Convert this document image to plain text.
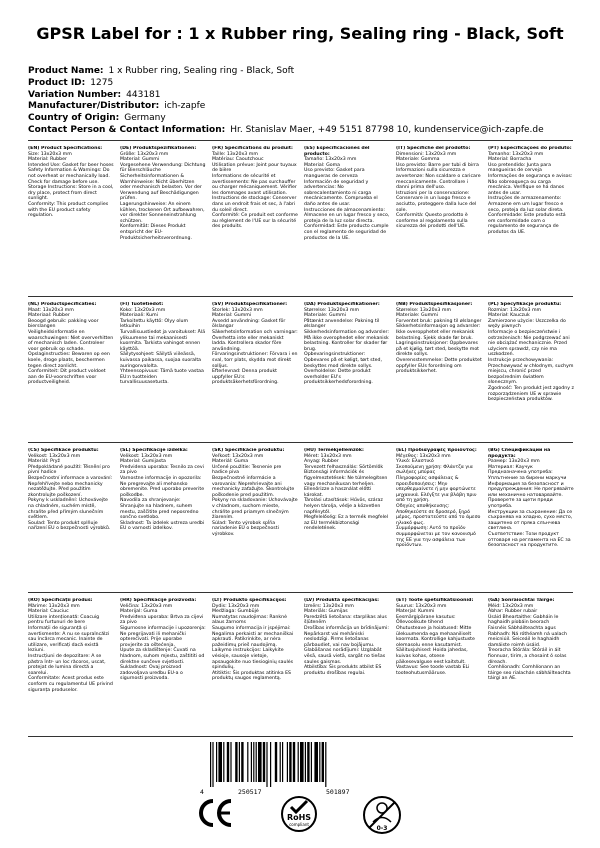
GPSR Label for : 1 x Rubber ring, Sealing ring - Black, Soft
Product Name: 1 x Rubber ring, Sealing ring - Black, Soft
Product ID: 1275
Variation Number: 443181
Manufacturer/Distributor: ich-zapfe
Country of Origin: Germany
Contact Person & Contact Information: Hr. Stanislav Maer, +49 5151 87798 10, kundenservice@ich-zapfe.de

(EN) Product Specifications:

Size: 13x20x3 mm
Material: Rubber
Intended Use: Gasket for beer hoses
Safety Information & Warnings: Do not overheat or mechanically load. Check for damage before use.
Storage Instructions: Store in a cool, dry place, protect from direct sunlight.
Conformity: This product complies with the EU product safety regulation.

(DE) Produktspezifikationen:

Größe: 13x20x3 mm
Material: Gummi
Vorgesehene Verwendung: Dichtung für Bierschläuche
Sicherheitsinformationen & Warnhinweise: Nicht überhitzen oder mechanisch belasten. Vor der Verwendung auf Beschädigungen prüfen.
Lagerungshinweise: An einem kühlen, trockenen Ort aufbewahren, vor direkter Sonneneinstrahlung schützen.
Konformität: Dieses Produkt entspricht der EU-Produktsicherheitsverordnung.

(FR) Spécifications du produit:

Taille: 13x20x3 mm
Matériau: Caoutchouc
Utilisation prévue: Joint pour tuyaux de bière
Informations de sécurité et avertissements: Ne pas surchauffer ou charger mécaniquement. Vérifier les dommages avant utilisation.
Instructions de stockage: Conserver dans un endroit frais et sec, à l'abri du soleil direct.
Conformité: Ce produit est conforme au règlement de l'UE sur la sécurité des produits.

(ES) Especificaciones del producto:

Tamaño: 13x20x3 mm
Material: Goma
Uso previsto: Gasket para mangueras de cerveza
Información de seguridad y advertencias: No sobrecalentamiento ni carga mecánicamente. Comprueba el daño antes de usar.
Instrucciones de almacenamiento: Almacene en un lugar fresco y seco, proteja de la luz solar directa.
Conformidad: Este producto cumple con el reglamento de seguridad de productos de la UE.

(IT) Specifiche del prodotto:

Dimensioni: 13x20x3 mm
Materiale: Gomma
Uso previsto: Barre per tubi di birra
Informazioni sulla sicurezza e avvertenze: Non scaldare o caricare meccanicamente. Controllare i danni prima dell'uso.
Istruzioni per la conservazione: Conservare in un luogo fresco e asciutto, proteggere dalla luce del sole.
Conformità: Questo prodotto è conforme al regolamento sulla sicurezza dei prodotti dell'UE.

(PT) Especificações do produto:

Tamanho: 13x20x3 mm
Material: Borracha
Uso pretendido: Junta para mangueiras de cerveja
Informações de segurança e avisos: Não sobreaqueça ou carga mecânica. Verifique se há danos antes de usar.
Instruções de armazenamento: Armazene em um lugar fresco e seco, proteja da luz solar direta.
Conformidade: Este produto está em conformidade com o regulamento de segurança de produtos da UE.

(NL) Productspecificaties:

Maat: 13x20x3 mm
Materiaal: Rubber
Beoogd gebruik: pakking voor bierslangen
Veiligheidsinformatie en waarschuwingen: Niet oververhitten of mechanisch laden. Controleer voor gebruik op schade.
Opslaginstructies: Bewaren op een koele, droge plaats, beschermen tegen direct zonlicht.
Conformiteit: Dit product voldoet aan de EU-voorschriften voor productveiligheid.

(FI) Tuotetiedot:

Koko: 13x20x3 mm
Materiaali: Kumi
Tarkoitettu käyttö: Olyy olum letkuihin
Turvallisuustiedot ja varoitukset: Älä ylikuumene tai mekaanisesti kuormita. Tarkista vahingot ennen käyttöä.
Säilytysohjeet: Säilytä viileässä, kuivassa paikassa, suojaa suoralta auringonvalolta.
Yhteensopivuus: Tämä tuote vastaa EU:n tuotteiden turvallisuusasetusta.

(SV) Produktspecifikationer:

Storlek: 13x20x3 mm
Material: Gummi
Avsedd användning: Gasket för ölslangar
Säkerhetsinformation och varningar: Överhetta inte eller mekaniskt ladda. Kontrollera skador före användning.
Förvaringsinstruktioner: Förvara i en sval, torr plats, skydda mot direkt solljus.
Efterlevnad: Denna produkt uppfyller EU:s produktsäkerhetsförordning.

(DA) Produktspecifikationer:

Størrelse: 13x20x3 mm
Materiale: Gummi
Påtænkt anvendelse: Pakning til ølslanger
Sikkerhedsinformation og advarsler: Må ikke overophedet eller mekanisk belastning. Kontroller for skader før brug.
Opbevaringsinstruktioner: Opbevares på et køligt, tørt sted, beskyttes mod direkte sollys.
Overholdelse: Dette produkt overholder EU's produktsikkerhedsforordning.

(NB) Produktspesifikasjoner:

Størrelse: 13x20x3 mm
Materiale: Gummi
Forventet bruk: pakning til ølslanger
Sikkerhetsinformasjon og advarsler: Ikke overopphetet eller mekanisk belastning. Sjekk skade før bruk.
Lagringsinstruksjoner: Oppbevares på et kjølig, tørt sted, beskytte mot direkte sollys.
Overensstemmelse: Dette produktet oppfyller EUs forordning om produktsikkerhet.

(PL) Specyfikacje produktu:

Rozmiar: 13x20x3 mm
Materiał: Kauczuk
Zamierzone użycie: Uszczelka do węży piwnych
Informacje o bezpieczeństwie i ostrzeżeniach: Nie podgrzewać ani nie obciążać mechanicznie. Przed użyciem sprawdź, czy nie ma uszkodzeń.
Instrukcje przechowywania: Przechowywać w chłodnym, suchym miejscu, chronić przed bezpośrednim światłem słonecznym.
Zgodność: Ten produkt jest zgodny z rozporządzeniem UE w sprawie bezpieczeństwa produktów.

(CS) Specifikace produktu:

Velikost: 13x20x3 mm
Materiál: Pryž
Předpokládané použití: Těsnění pro pivní hadice
Bezpečnostní informace a varování: Nepřehřívejte nebo mechanicky nezatěžujte. Před použitím zkontrolujte poškození.
Pokyny k uskladnění: Uchovávejte na chladném, suchém místě, chraňte před přímým slunečním světlem.
Soulad: Tento produkt splňuje nařízení EU o bezpečnosti výrobků.

(SL) Specifikacije izdelka:

Velikost: 13x20x3 mm
Material: Gumijasta
Predvidena uporaba: Tesnilo za cevi za pivo
Varnostne informacije in opozorila: Ne pregrevajte ali mehansko obremenite. Pred uporabo preverite poškodbe.
Navodila za shranjevanje: Shranjujte na hladnem, suhem mestu, zaščitite pred neposredno sončno svetlobo.
Skladnost: Ta izdelek ustreza uredbi EU o varnosti izdelkov.

(SK) Špecifikácie produktu:

Veľkosť: 13x20x3 mm
Materiál: Guma
Určené použitie: Tesnenie pre hadice piva
Bezpečnostné informácie a varovania: Neprehrievajte ani mechanicky zaťažujte. Skontrolujte poškodenie pred použitím.
Pokyny na skladovanie: Uchovávajte v chladnom, suchom mieste, chráňte pred priamym slnečným žiarením.
Súlad: Tento výrobok spĺňa nariadenie EÚ o bezpečnosti výrobkov.

(HU) Termékjellemzők:

Méret: 13x20x3 mm
Anyag: Rubber
Tervezett felhasználás: Sörtömlők
Biztonsági információk és figyelmeztetések: Ne túlmelegítsen vagy mechanikusan terheljen. Ellenőrizze a használat előtti károkat.
Tárolási utasítások: Hűvös, száraz helyen tárolja, védje a közvetlen napfénytől.
Megfelelőség: Ez a termék megfelel az EU termékbiztonsági rendeletének.

(EL) Προδιαγραφές προϊόντος:

Μέγεθος: 13x20x3 mm
Υλικό: Ελαστικό
Σκοπούμενη χρήση: Φλάντζα για σωλήνες μπύρας
Πληροφορίες ασφάλειας & προειδοποιήσεις: Μην υπερθερμαίνετε ή μην φορτώνετε μηχανικά. Ελέγξτε για βλάβη πριν από τη χρήση.
Οδηγίες αποθήκευσης: Αποθηκεύστε σε δροσερό, ξηρό μέρος, προστατεύστε από το άμεσο ηλιακό φως.
Συμμόρφωση: Αυτό το προϊόν συμμορφώνεται με τον κανονισμό της ΕΕ για την ασφάλεια των προϊόντων.

(BG) Спецификации на продукта:

Размер: 13x20x3 mm
Материал: Каучук
Предназначена употреба: Уплътнение за бирени маркучи
Информация за безопасност и предупреждения: Не прегрявайте или механично натоварвайте. Проверете за щети преди употреба.
Инструкции за съхранение: Да се съхранява на хладно, сухо място, защитено от пряка слънчева светлина.
Съответствие: Този продукт отговаря на регламента на ЕС за безопасност на продуктите.

(RO) Specificații produs:

Mărime: 13x20x3 mm
Material: Cauciuc
Utilizare intenționată: Coacuig pentru furtunuri de bere
Informații de siguranță și avertismente: A nu se supraîncălzi sau încărca mecanic. Inainte de utilizare, verificați dacă există leziuni.
Instrucțiuni de depozitare: A se păstra într- un loc răcoros, uscat, protejat de lumina directă a soarelui.
Conformitate: Acest produs este conform cu regulamentul UE privind siguranța produselor.

(HR) Specifikacije proizvoda:

Veličina: 13x20x3 mm
Materijal: Guma
Predviđena uporaba: Brtva za cijevi za pivo
Sigurnosne informacije i upozorenja: Ne pregrijavati ili mehanički opterećivati. Prije uporabe provjerite za oštećenja.
Upute za skladištenje: Čuvati na hladnom, suhom mjestu, zaštititi od direktne sunčeve svjetlosti.
Sukladnost: Ovaj proizvod zadovoljava uredbu EU-a o sigurnosti proizvoda.

(LT) Produkto specifikacijos:

Dydis: 13x20x3 mm
Medžiaga: Gumbūjė
Numatytas naudojimas: Ranknė alaus žarnoms
Saugumo informacija ir įspėjimai: Negalima perkaisti ar mechaniškai apkrauti. Patikrinkite, ar nėra pažeidimų prieš naudojimą.
Laikymo instrukcijos: Laikykite vėsioje, sausoje vietoje, apsaugokite nuo tiesioginių saulės spindulių.
Atitiktis: Šis produktas atitinka ES produktų saugos reglamentą.

(LV) Produkta specifikācijas:

Izmērs: 13x20x3 mm
Materiāls: Gumijas
Paredzētā lietošana: starplikas alus šļūtenēm
Drošības informācija un brīdinājumi: Nepārkarst vai mehāniski neslodzīgi. Pirms lietošanas pārbaudiet, vai nav bojājumu.
Glabāšanas norādījumi: Uzglabāt vēsā, sausā vietā, sargāt no tiešas saules gaismas.
Atbilstība: Šis produkts atbilst ES produktu drošības regulai.

(ET) Toote spetsifikatsioonid:

Suurus: 13x20x3 mm
Materjal: Kummi
Eesmärgipärane kasutus: Õllevoolikute tihend
Ohutusteave ja hoiatused: Mitte ülekuumenda ega mehaaniliselt koormata. Kontrollige kahjustuste olemasolu enne kasutamist.
Säilitusjuhised: Hoida jahedas, kuivas kohas, otsese päikesevalguse eest kaitstult.
Vastavus: See toode vastab ELi tooteohutusmääruse.

(GA) Sonraíochtaí Táirge:

Méid: 13x20x3 mm
Ábhar: Rubber rubair
Úsáid Bheartaithe: Gabháin le haghaidh píobáin beorach
Faisnéis Sábháilteachta agus Rabhadh: Ná róthéamh ná ualach meicniúil. Seiceáil le haghaidh damáiste roimh úsáid.
Treoracha Stórála: Stóráil in áit fionnuar, tirim, a chosaint ó solas díreach.
Comhlíonadh: Comhlíonann an táirge seo rialachán sábháilteachta táirgí an AE.

4	250517	501897
RoHS
compliant
0-3
